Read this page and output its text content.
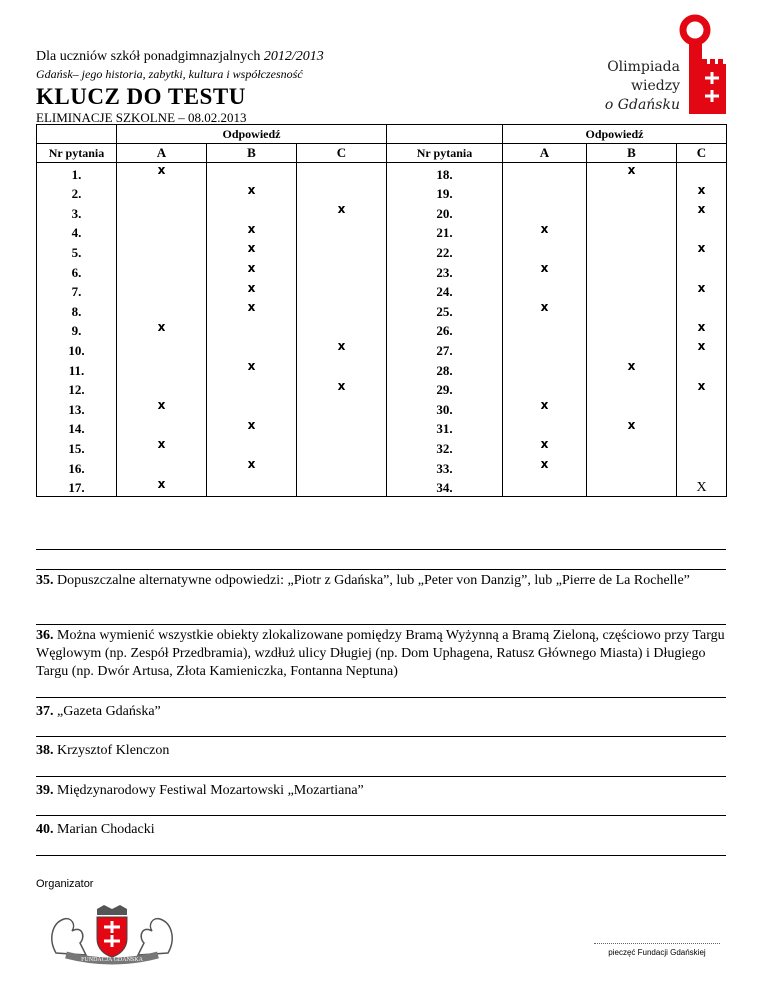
Dla uczniów szkół ponadgimnazjalnych 2012/2013
Gdańsk– jego historia, zabytki, kultura i współczesność
KLUCZ DO TESTU
ELIMINACJE SZKOLNE – 08.02.2013
Olimpiada
wiedzy
o Gdańsku
	Odpowiedź				Odpowiedź		
Nr pytania	A	B	C	Nr pytania	A	B	C
1.	x			18.		x	
2.		x		19.			x
3.			x	20.			x
4.		x		21.	x		
5.		x		22.			x
6.		x		23.	x		
7.		x		24.			x
8.		x		25.	x		
9.	x			26.			x
10.			x	27.			x
11.		x		28.		x	
12.			x	29.			x
13.	x			30.	x		
14.		x		31.		x	
15.	x			32.	x		
16.		x		33.	x		
17.	x			34.			X
35. Dopuszczalne alternatywne odpowiedzi: „Piotr z Gdańska”, lub „Peter von Danzig”, lub „Pierre de La Rochelle”
36. Można wymienić wszystkie obiekty zlokalizowane pomiędzy Bramą Wyżynną a Bramą Zieloną, częściowo przy Targu Węglowym (np. Zespół Przedbramia), wzdłuż ulicy Długiej (np. Dom Uphagena, Ratusz Głównego Miasta) i Długiego Targu (np. Dwór Artusa, Złota Kamieniczka, Fontanna Neptuna)
37. „Gazeta Gdańska”
38. Krzysztof Klenczon
39. Międzynarodowy Festiwal Mozartowski „Mozartiana”
40. Marian Chodacki
Organizator
FUNDACJA GDAŃSKA
pieczęć Fundacji Gdańskiej
